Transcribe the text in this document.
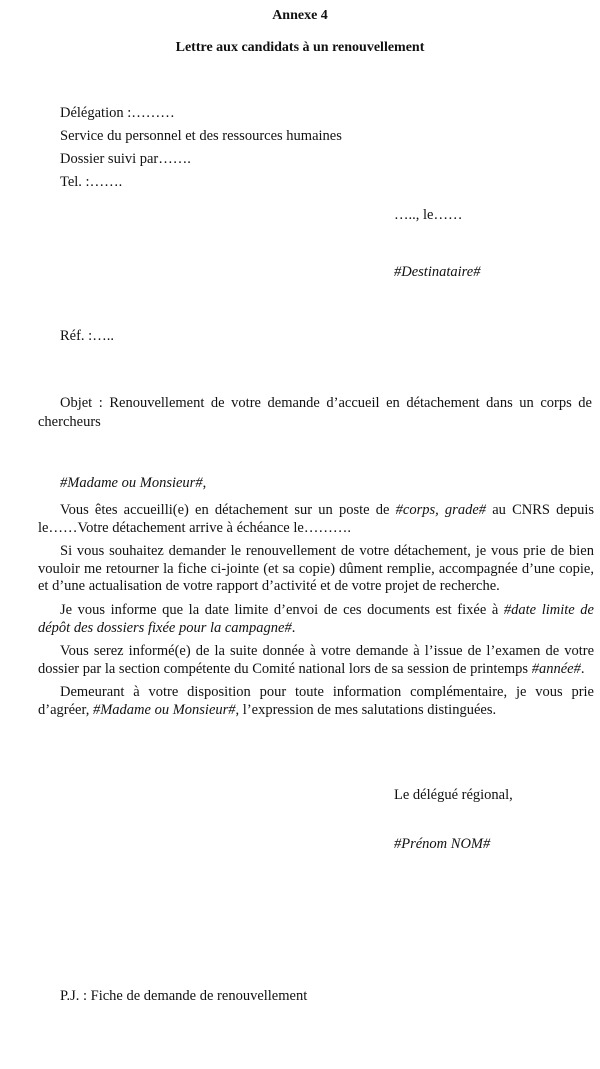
Annexe 4
Lettre aux candidats à un renouvellement
Délégation :………
Service du personnel et des ressources humaines
Dossier suivi par…….
Tel. :…….
….., le……
#Destinataire#
Réf. :…..
Objet : Renouvellement de votre demande d’accueil en détachement dans un corps de chercheurs
#Madame ou Monsieur#,

Vous êtes accueilli(e) en détachement sur un poste de #corps, grade# au CNRS depuis le……Votre détachement arrive à échéance le……….

Si vous souhaitez demander le renouvellement de votre détachement, je vous prie de bien vouloir me retourner la fiche ci-jointe (et sa copie) dûment remplie, accompagnée d’une copie, et d’une actualisation de votre rapport d’activité et de votre projet de recherche.

Je vous informe que la date limite d’envoi de ces documents est fixée à #date limite de dépôt des dossiers fixée pour la campagne#.

Vous serez informé(e) de la suite donnée à votre demande à l’issue de l’examen de votre dossier par la section compétente du Comité national lors de sa session de printemps #année#.

Demeurant à votre disposition pour toute information complémentaire, je vous prie d’agréer, #Madame ou Monsieur#, l’expression de mes salutations distinguées.

Le délégué régional,
#Prénom NOM#
P.J. : Fiche de demande de renouvellement
